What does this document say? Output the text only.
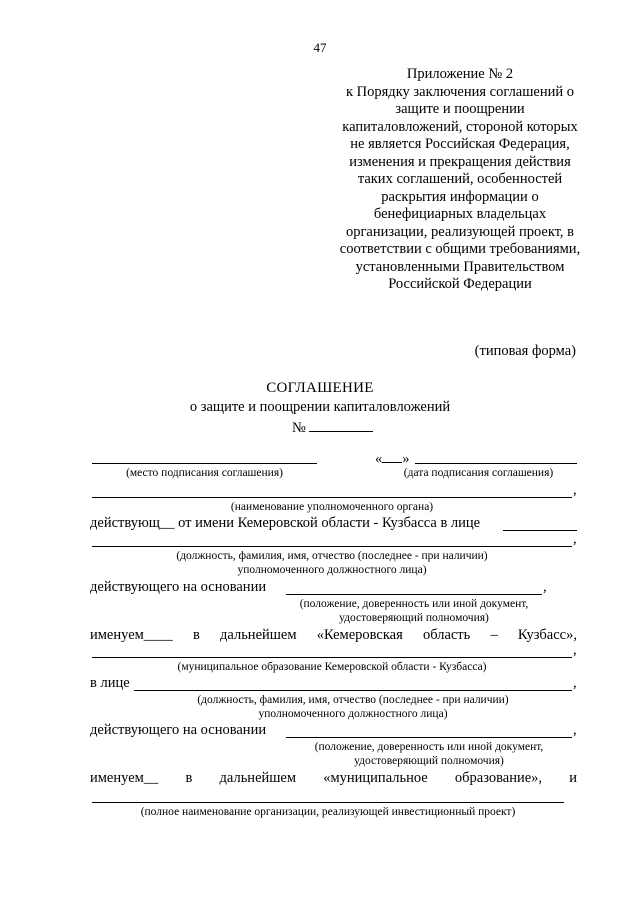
47
Приложение № 2
к Порядку заключения соглашений о
защите и поощрении
капиталовложений, стороной которых
не является Российская Федерация,
изменения и прекращения действия
таких соглашений, особенностей
раскрытия информации о
бенефициарных владельцах
организации, реализующей проект, в
соответствии с общими требованиями,
установленными Правительством
Российской Федерации
(типовая форма)
СОГЛАШЕНИЕ
о защите и поощрении капиталовложений
№
« »
(место подписания соглашения)	(дата подписания соглашения)
,
(наименование уполномоченного органа)
действующ__ от имени Кемеровской области - Кузбасса в лице
,
(должность, фамилия, имя, отчество (последнее - при наличии)
уполномоченного должностного лица)
действующего на основании	,
(положение, доверенность или иной документ,
удостоверяющий полномочия)
именуем____ в дальнейшем «Кемеровская область – Кузбасс»,
,
(муниципальное образование Кемеровской области - Кузбасса)
в лице	,
(должность, фамилия, имя, отчество (последнее - при наличии)
уполномоченного должностного лица)
действующего на основании	,
(положение, доверенность или иной документ,
удостоверяющий полномочия)
именуем__ в дальнейшем «муниципальное образование», и
(полное наименование организации, реализующей инвестиционный проект)
